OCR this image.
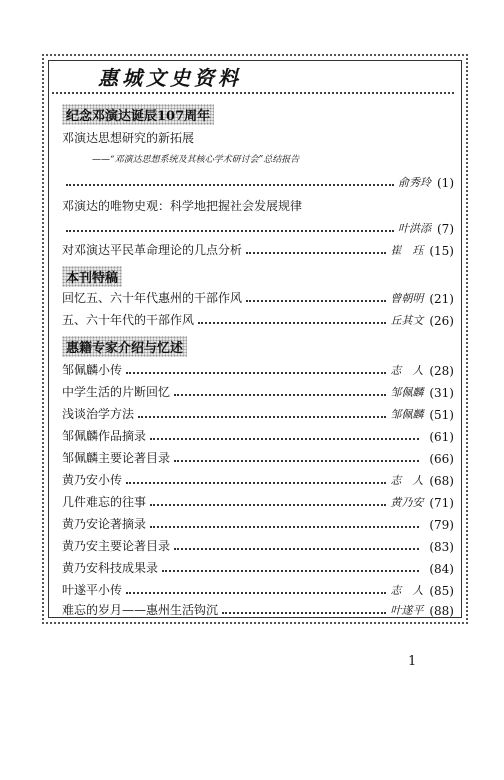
惠城文史资料
纪念邓演达诞辰107周年
邓演达思想研究的新拓展
——“邓演达思想系统及其核心学术研讨会”总结报告
俞秀玲 (1)
邓演达的唯物史观：科学地把握社会发展规律
叶洪添 (7)
对邓演达平民革命理论的几点分析	崔　珏 (15)
本刊特稿
回忆五、六十年代惠州的干部作风	曾朝明 (21)
五、六十年代的干部作风	丘其文 (26)
惠籍专家介绍与忆述
邹佩麟小传	志　人 (28)
中学生活的片断回忆	邹佩麟 (31)
浅谈治学方法	邹佩麟 (51)
邹佩麟作品摘录	(61)
邹佩麟主要论著目录	(66)
黄乃安小传	志　人 (68)
几件难忘的往事	黄乃安 (71)
黄乃安论著摘录	(79)
黄乃安主要论著目录	(83)
黄乃安科技成果录	(84)
叶遂平小传	志　人 (85)
难忘的岁月——惠州生活钩沉	叶遂平 (88)
1
